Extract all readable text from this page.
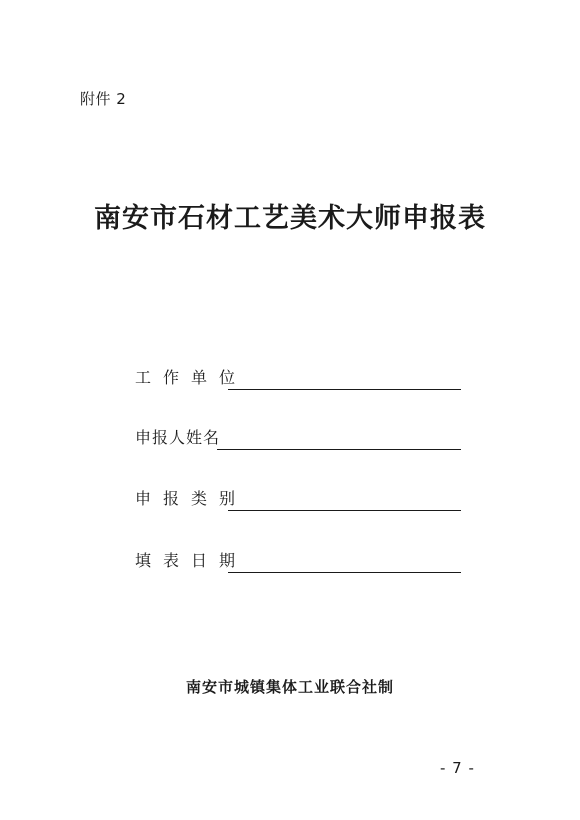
附件 2
南安市石材工艺美术大师申报表
工作单位
申报人姓名
申报类别
填表日期
南安市城镇集体工业联合社制
- 7 -
